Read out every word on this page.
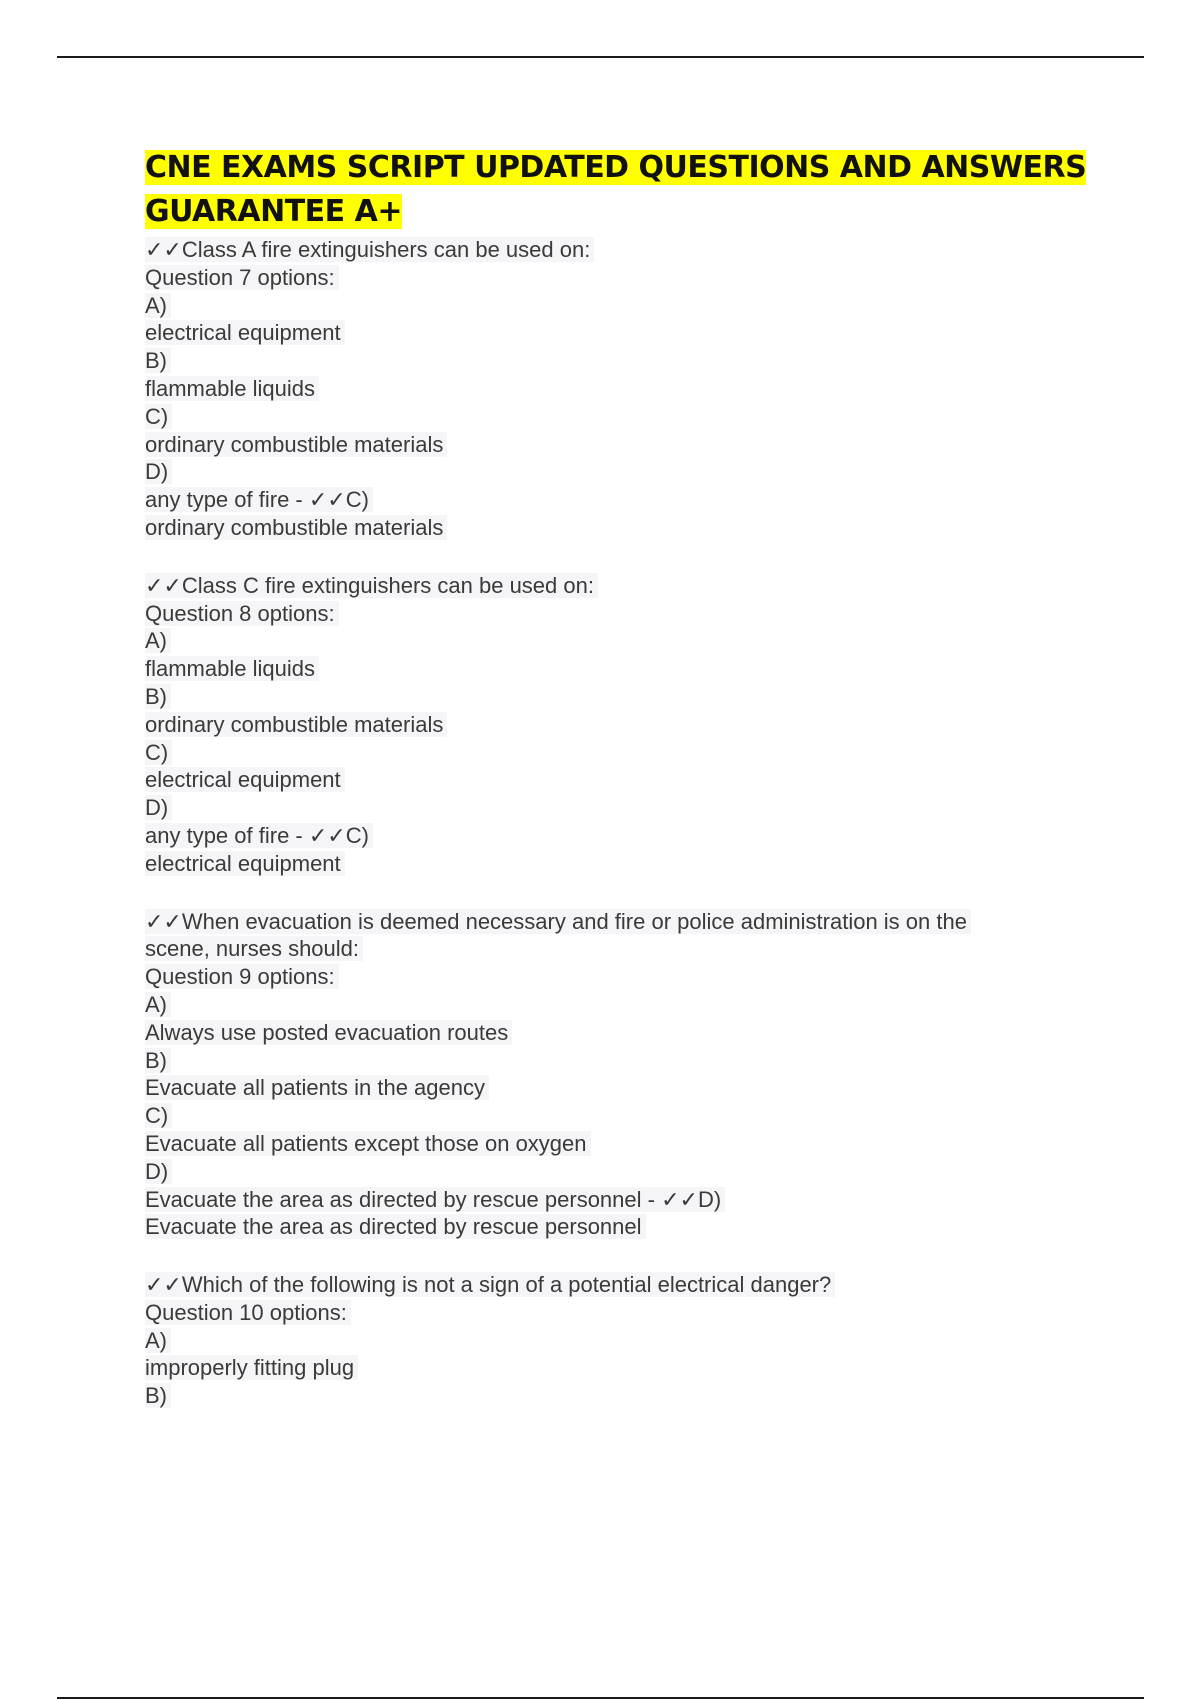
CNE EXAMS SCRIPT UPDATED QUESTIONS AND ANSWERS
GUARANTEE A+
✓✓Class A fire extinguishers can be used on:
Question 7 options:
A)
electrical equipment
B)
flammable liquids
C)
ordinary combustible materials
D)
any type of fire - ✓✓C)
ordinary combustible materials
✓✓Class C fire extinguishers can be used on:
Question 8 options:
A)
flammable liquids
B)
ordinary combustible materials
C)
electrical equipment
D)
any type of fire - ✓✓C)
electrical equipment
✓✓When evacuation is deemed necessary and fire or police administration is on the
scene, nurses should:
Question 9 options:
A)
Always use posted evacuation routes
B)
Evacuate all patients in the agency
C)
Evacuate all patients except those on oxygen
D)
Evacuate the area as directed by rescue personnel - ✓✓D)
Evacuate the area as directed by rescue personnel
✓✓Which of the following is not a sign of a potential electrical danger?
Question 10 options:
A)
improperly fitting plug
B)
